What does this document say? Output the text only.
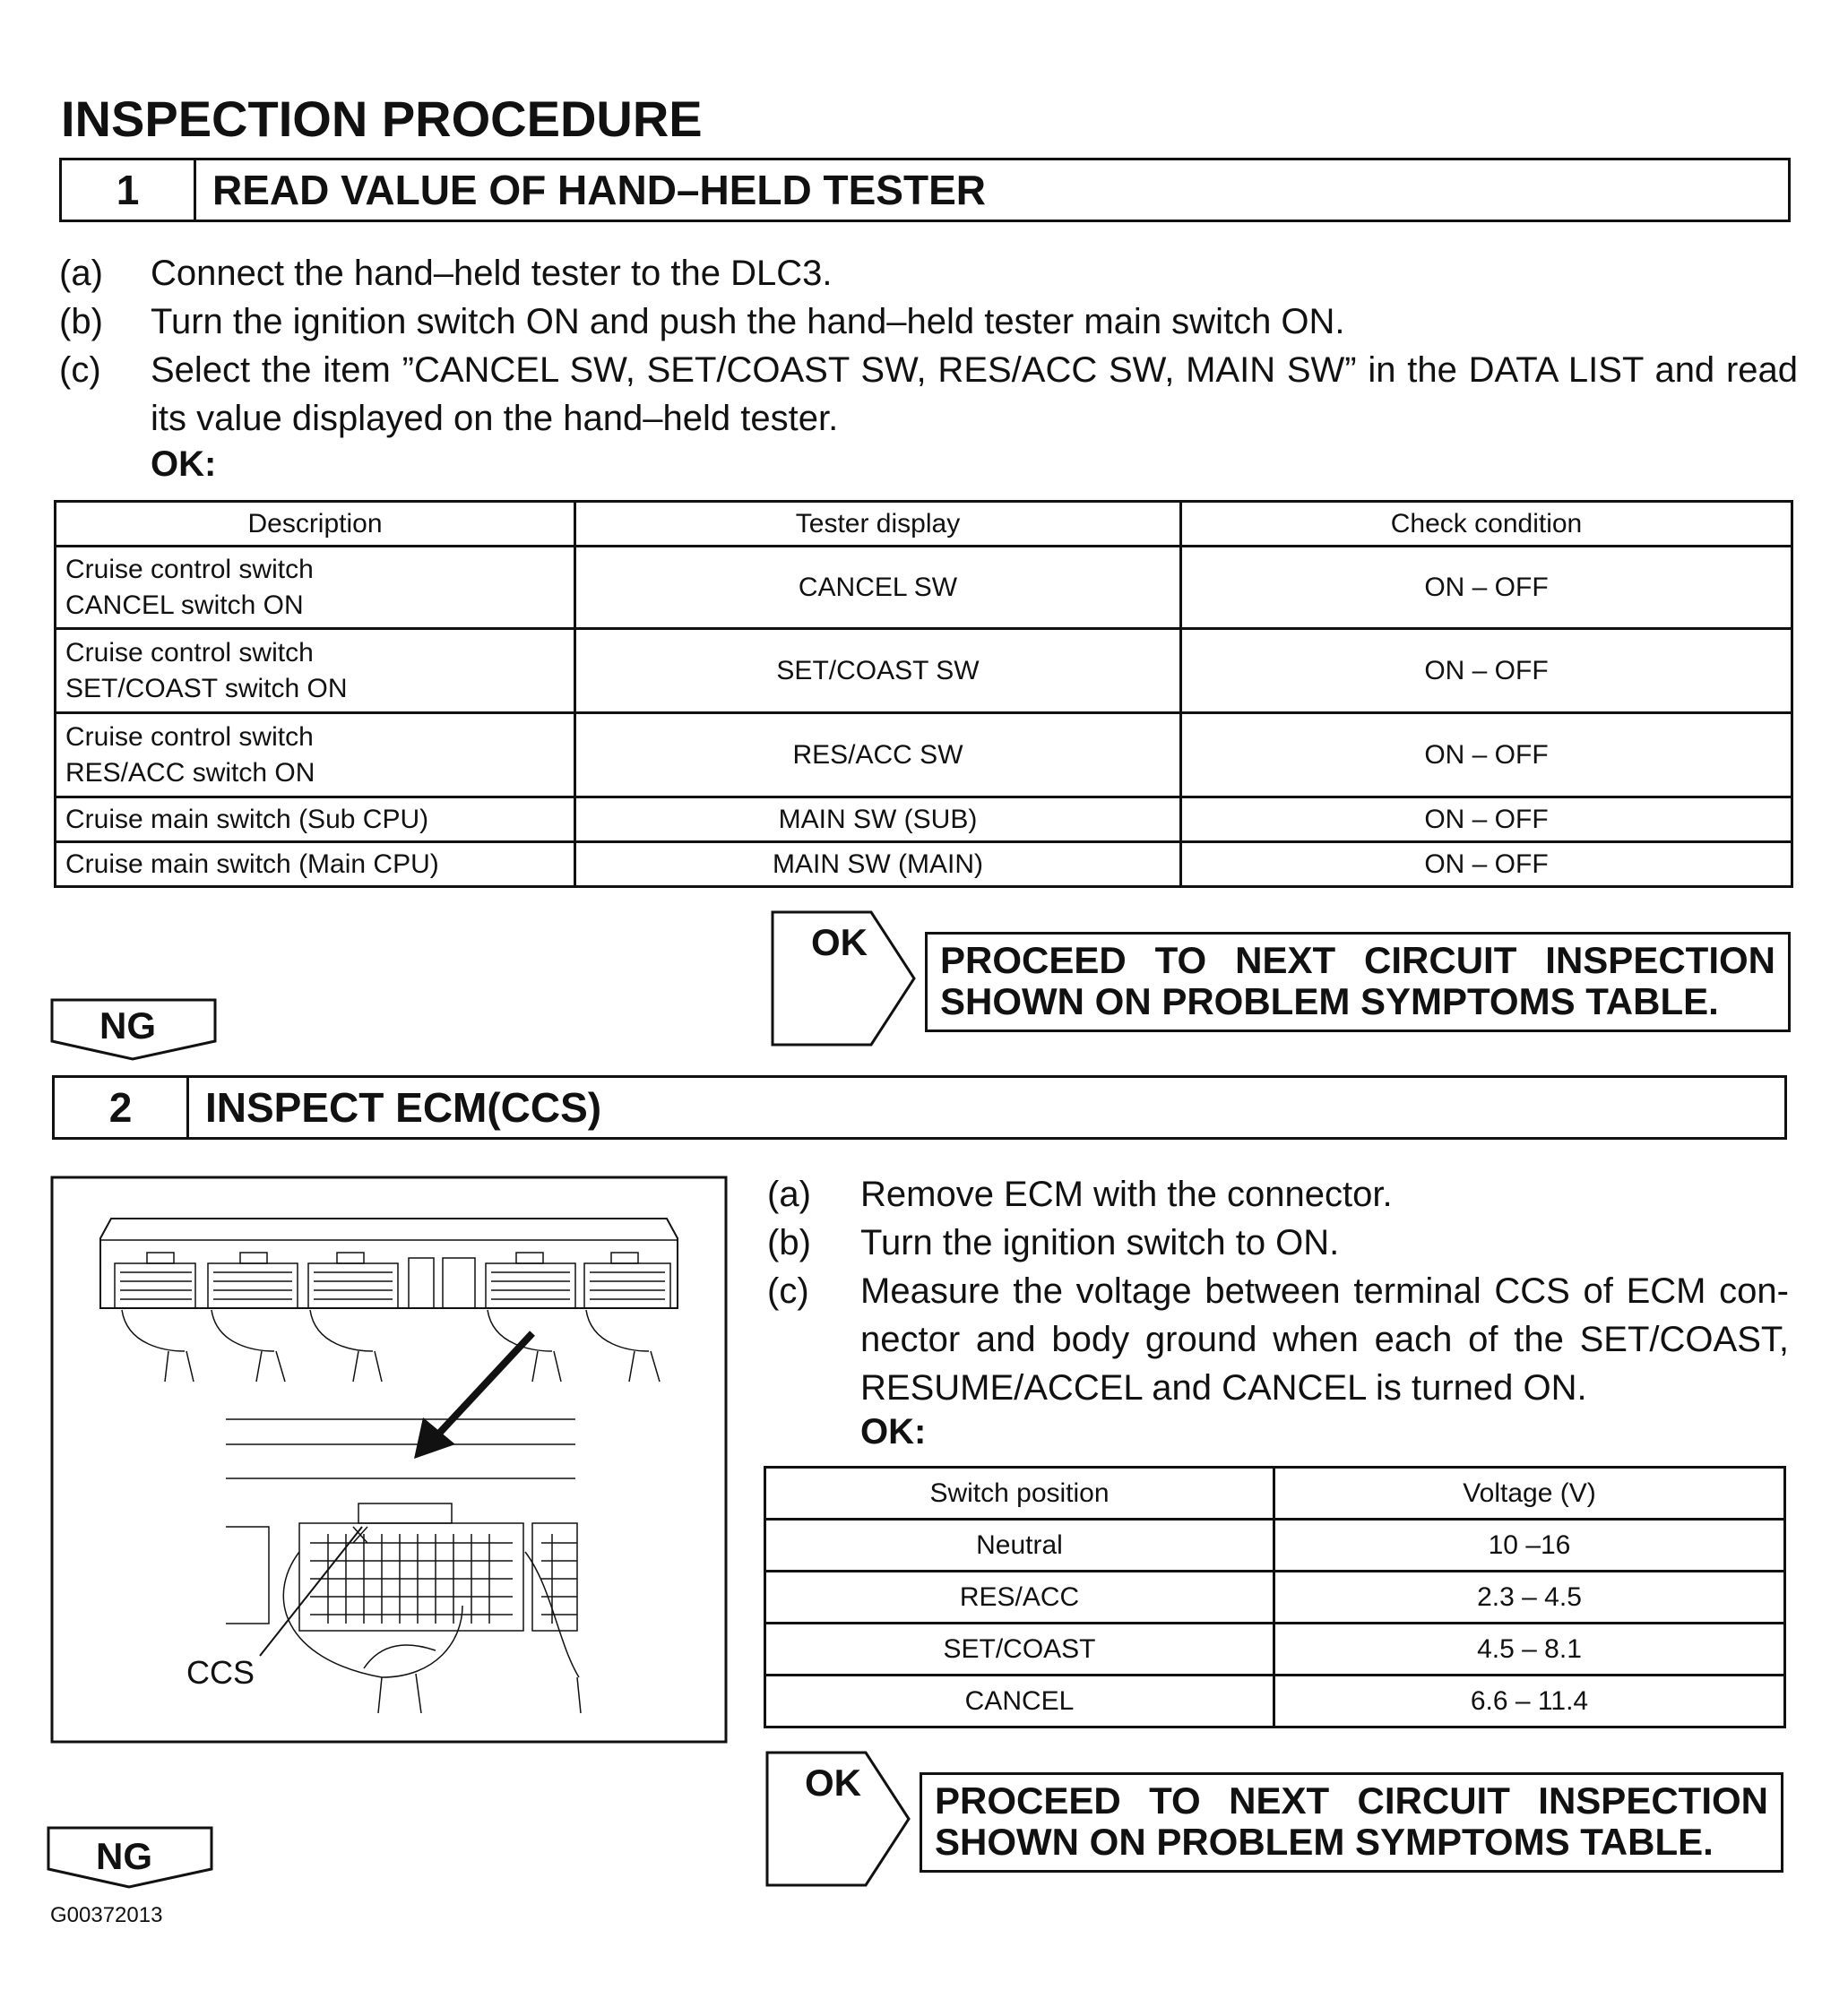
INSPECTION PROCEDURE
1	READ VALUE OF HAND–HELD TESTER
(a)	Connect the hand–held tester to the DLC3.
(b)	Turn the ignition switch ON and push the hand–held tester main switch ON.
(c)	Select the item ”CANCEL SW, SET/COAST SW, RES/ACC SW, MAIN SW” in the DATA LIST and read
its value displayed on the hand–held tester.
OK:
Description	Tester display	Check condition

Cruise control switch
CANCEL switch ON	CANCEL SW	ON – OFF

Cruise control switch
SET/COAST switch ON	SET/COAST SW	ON – OFF

Cruise control switch
RES/ACC switch ON	RES/ACC SW	ON – OFF
Cruise main switch (Sub CPU)	MAIN SW (SUB)	ON – OFF
Cruise main switch (Main CPU)	MAIN SW (MAIN)	ON – OFF
OK PROCEED TO NEXT CIRCUIT INSPECTION
SHOWN ON PROBLEM SYMPTOMS TABLE.
NG
2	INSPECT ECM(CCS)
CCS
(a)	Remove ECM with the connector.
(b)	Turn the ignition switch to ON.
(c)	Measure the voltage between terminal CCS of ECM con-
nector and body ground when each of the SET/COAST,
RESUME/ACCEL and CANCEL is turned ON.
OK:
Switch position	Voltage (V)
Neutral	10 –16
RES/ACC	2.3 – 4.5
SET/COAST	4.5 – 8.1
CANCEL	6.6 – 11.4
OK PROCEED TO NEXT CIRCUIT INSPECTION
SHOWN ON PROBLEM SYMPTOMS TABLE.
NG
G00372013
